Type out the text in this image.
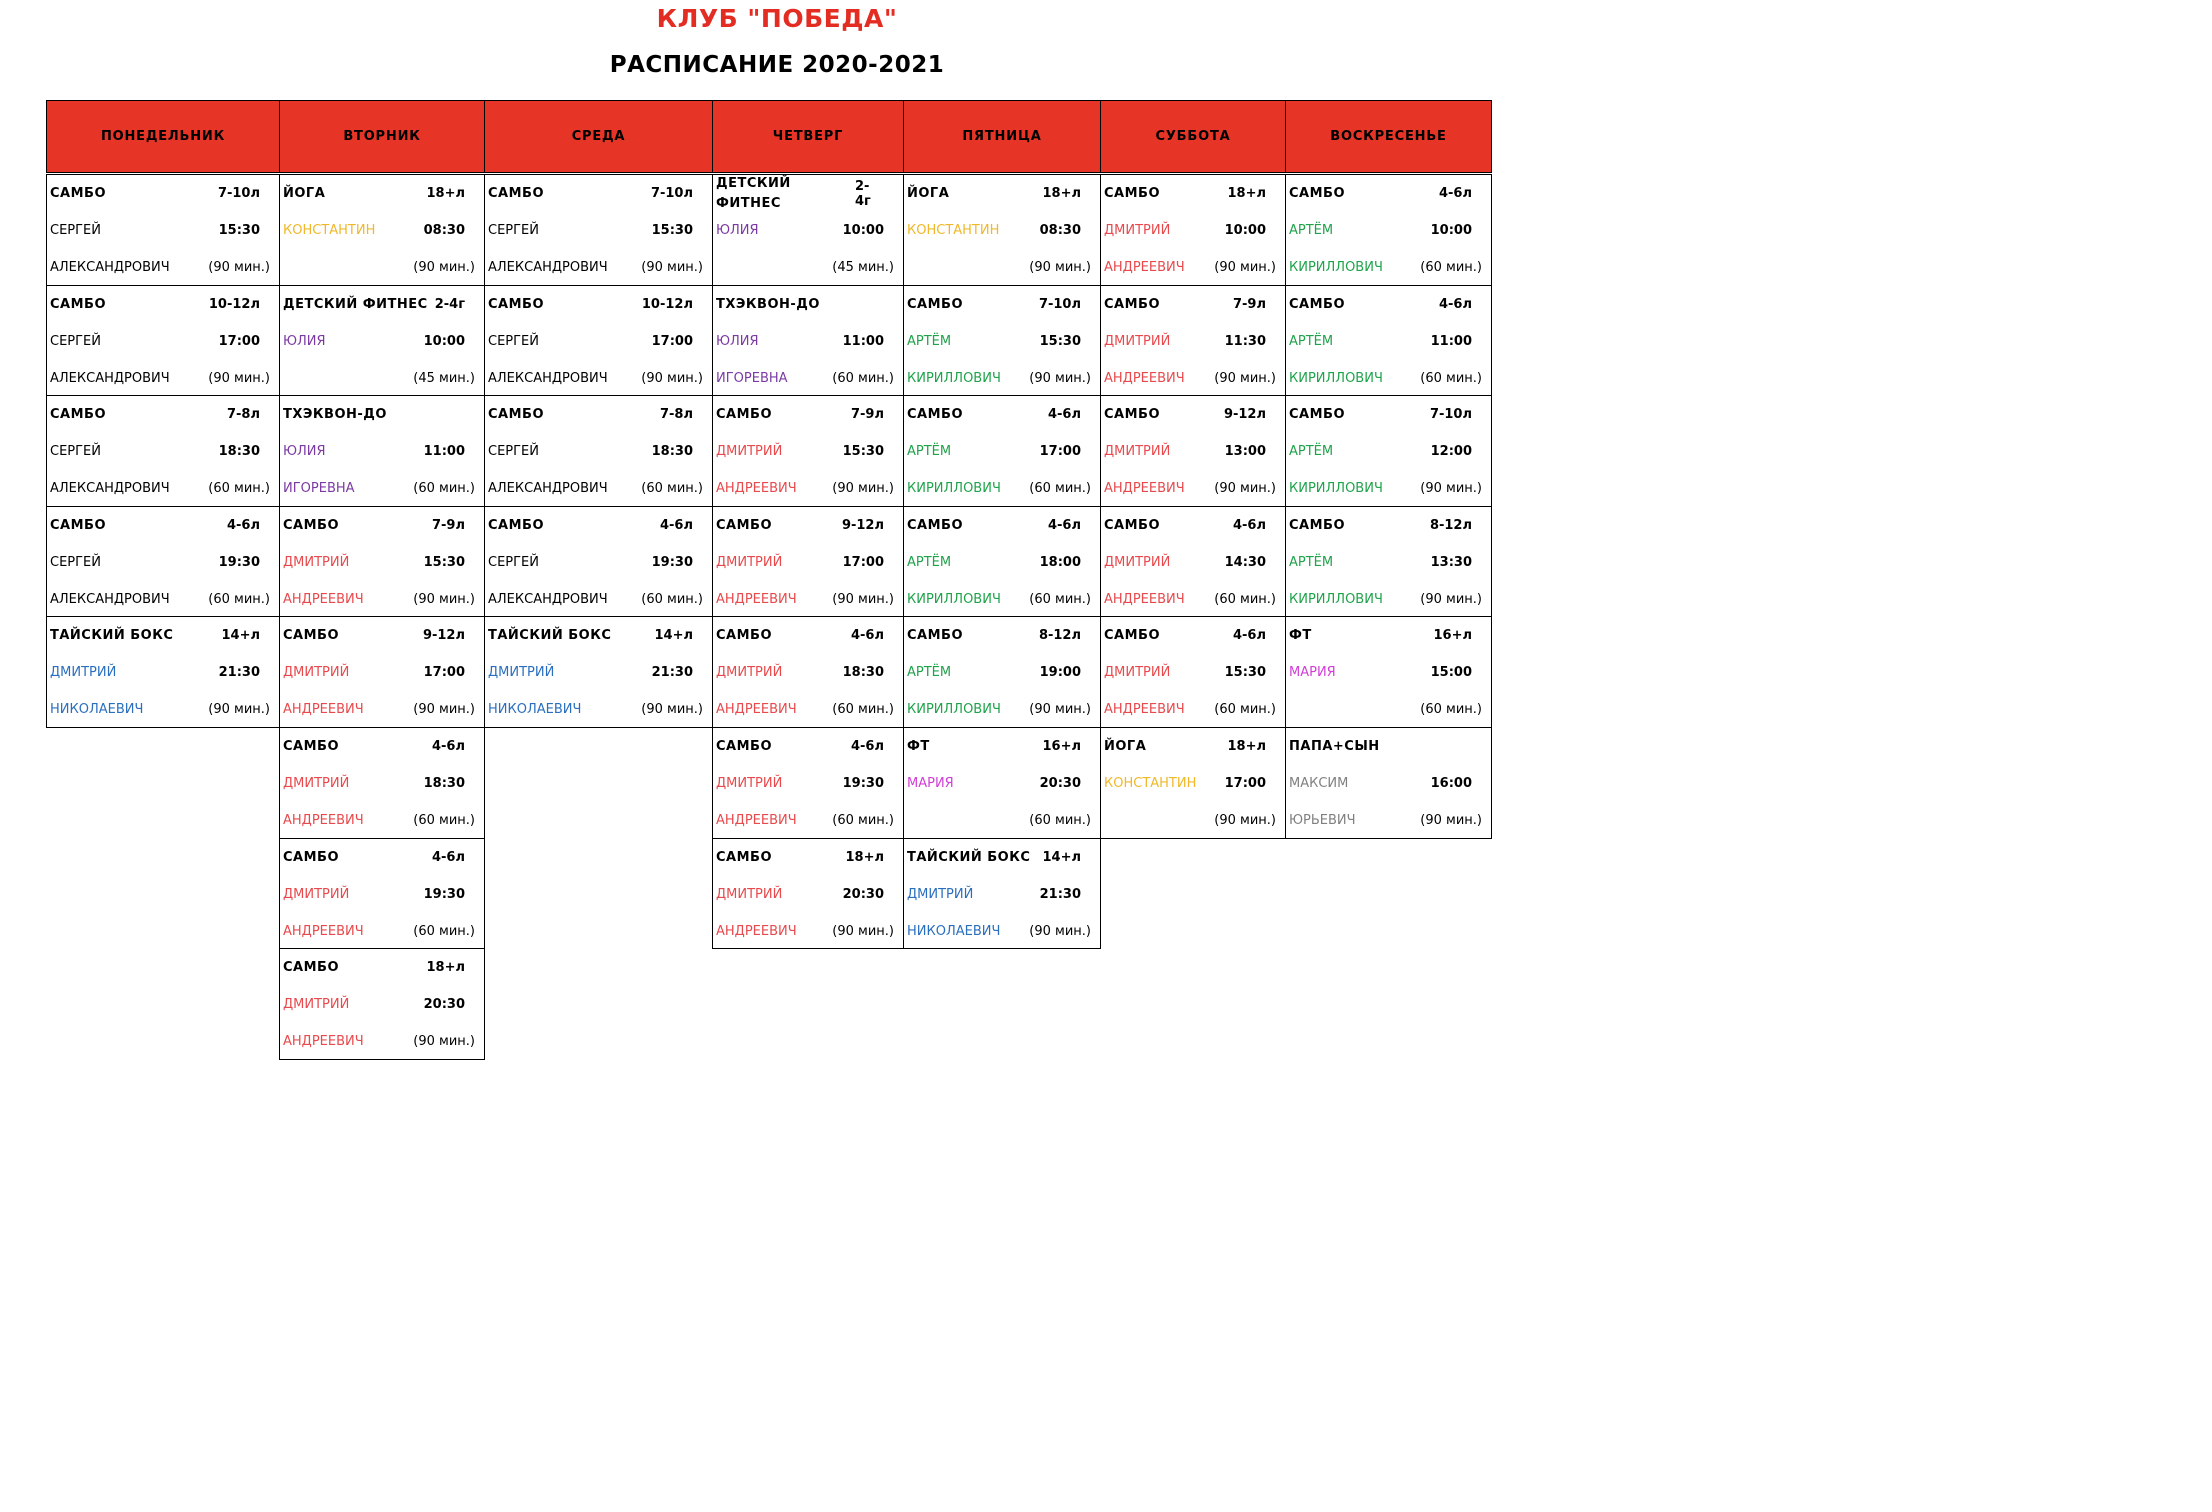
КЛУБ "ПОБЕДА"
РАСПИСАНИЕ 2020-2021
ПОНЕДЕЛЬНИК
САМБО	7-10л
СЕРГЕЙ	15:30
АЛЕКСАНДРОВИЧ	(90 мин.)
САМБО	10-12л
СЕРГЕЙ	17:00
АЛЕКСАНДРОВИЧ	(90 мин.)
САМБО	7-8л
СЕРГЕЙ	18:30
АЛЕКСАНДРОВИЧ	(60 мин.)
САМБО	4-6л
СЕРГЕЙ	19:30
АЛЕКСАНДРОВИЧ	(60 мин.)
ТАЙСКИЙ БОКС	14+л
ДМИТРИЙ	21:30
НИКОЛАЕВИЧ	(90 мин.)
ВТОРНИК
ЙОГА	18+л
КОНСТАНТИН	08:30
(90 мин.)
ДЕТСКИЙ ФИТНЕС 2-4г
ЮЛИЯ	10:00
(45 мин.)
ТХЭКВОН-ДО
ЮЛИЯ	11:00
ИГОРЕВНА	(60 мин.)
САМБО	7-9л
ДМИТРИЙ	15:30
АНДРЕЕВИЧ	(90 мин.)
САМБО	9-12л
ДМИТРИЙ	17:00
АНДРЕЕВИЧ	(90 мин.)
САМБО	4-6л
ДМИТРИЙ	18:30
АНДРЕЕВИЧ	(60 мин.)
САМБО	4-6л
ДМИТРИЙ	19:30
АНДРЕЕВИЧ	(60 мин.)
САМБО	18+л
ДМИТРИЙ	20:30
АНДРЕЕВИЧ	(90 мин.)
СРЕДА
САМБО	7-10л
СЕРГЕЙ	15:30
АЛЕКСАНДРОВИЧ	(90 мин.)
САМБО	10-12л
СЕРГЕЙ	17:00
АЛЕКСАНДРОВИЧ	(90 мин.)
САМБО	7-8л
СЕРГЕЙ	18:30
АЛЕКСАНДРОВИЧ	(60 мин.)
САМБО	4-6л
СЕРГЕЙ	19:30
АЛЕКСАНДРОВИЧ	(60 мин.)
ТАЙСКИЙ БОКС	14+л
ДМИТРИЙ	21:30
НИКОЛАЕВИЧ	(90 мин.)
ЧЕТВЕРГ
ДЕТСКИЙ ФИТНЕС
2-4г
ЮЛИЯ	10:00
(45 мин.)
ТХЭКВОН-ДО
ЮЛИЯ	11:00
ИГОРЕВНА	(60 мин.)
САМБО	7-9л
ДМИТРИЙ	15:30
АНДРЕЕВИЧ	(90 мин.)
САМБО	9-12л
ДМИТРИЙ	17:00
АНДРЕЕВИЧ	(90 мин.)
САМБО	4-6л
ДМИТРИЙ	18:30
АНДРЕЕВИЧ	(60 мин.)
САМБО	4-6л
ДМИТРИЙ	19:30
АНДРЕЕВИЧ	(60 мин.)
САМБО	18+л
ДМИТРИЙ	20:30
АНДРЕЕВИЧ	(90 мин.)
ПЯТНИЦА
ЙОГА	18+л
КОНСТАНТИН	08:30
(90 мин.)
САМБО	7-10л
АРТЁМ	15:30
КИРИЛЛОВИЧ (90 мин.)
САМБО	4-6л
АРТЁМ	17:00
КИРИЛЛОВИЧ (60 мин.)
САМБО	4-6л
АРТЁМ	18:00
КИРИЛЛОВИЧ (60 мин.)
САМБО	8-12л
АРТЁМ	19:00
КИРИЛЛОВИЧ (90 мин.)
ФТ	16+л
МАРИЯ	20:30
(60 мин.)
ТАЙСКИЙ БОКС 14+л
ДМИТРИЙ	21:30
НИКОЛАЕВИЧ (90 мин.)
СУББОТА
САМБО	18+л
ДМИТРИЙ	10:00
АНДРЕЕВИЧ (90 мин.)
САМБО	7-9л
ДМИТРИЙ	11:30
АНДРЕЕВИЧ (90 мин.)
САМБО	9-12л
ДМИТРИЙ	13:00
АНДРЕЕВИЧ (90 мин.)
САМБО	4-6л
ДМИТРИЙ	14:30
АНДРЕЕВИЧ (60 мин.)
САМБО	4-6л
ДМИТРИЙ	15:30
АНДРЕЕВИЧ (60 мин.)
ЙОГА	18+л
КОНСТАНТИН 17:00
(90 мин.)
ВОСКРЕСЕНЬЕ
САМБО	4-6л
АРТЁМ	10:00
КИРИЛЛОВИЧ	(60 мин.)
САМБО	4-6л
АРТЁМ	11:00
КИРИЛЛОВИЧ	(60 мин.)
САМБО	7-10л
АРТЁМ	12:00
КИРИЛЛОВИЧ	(90 мин.)
САМБО	8-12л
АРТЁМ	13:30
КИРИЛЛОВИЧ	(90 мин.)
ФТ	16+л
МАРИЯ	15:00
(60 мин.)
ПАПА+СЫН
МАКСИМ	16:00
ЮРЬЕВИЧ	(90 мин.)
